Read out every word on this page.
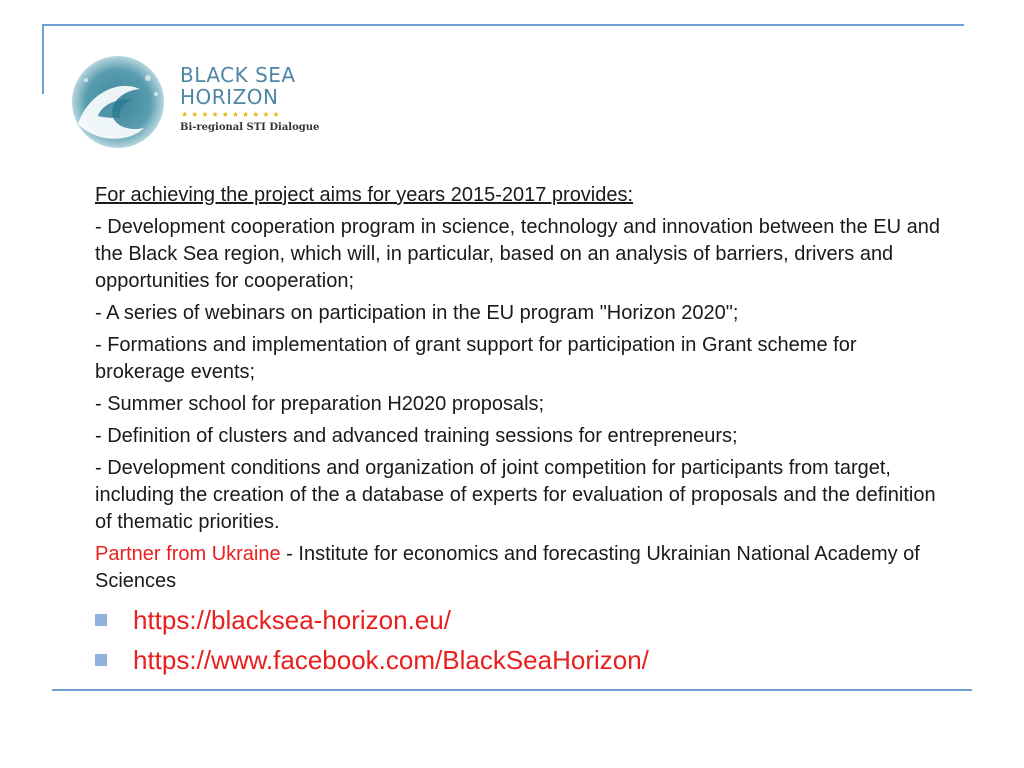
BLACK SEA
HORIZON
★★★★★★★★★★
Bi-regional STI Dialogue

For achieving the project aims for years 2015-2017 provides:

- Development cooperation program in science, technology and innovation between the EU and the Black Sea region, which will, in particular, based on an analysis of barriers, drivers and opportunities for cooperation;

- A series of webinars on participation in the EU program "Horizon 2020";

- Formations and implementation of grant support for participation in Grant scheme for brokerage events;

- Summer school for preparation H2020 proposals;

- Definition of clusters and advanced training sessions for entrepreneurs;

- Development conditions and organization of joint competition for participants from target, including the creation of the a database of experts for evaluation of proposals and the definition of thematic priorities.

Partner from Ukraine - Institute for economics and forecasting Ukrainian National Academy of Sciences

https://blacksea-horizon.eu/
https://www.facebook.com/BlackSeaHorizon/
